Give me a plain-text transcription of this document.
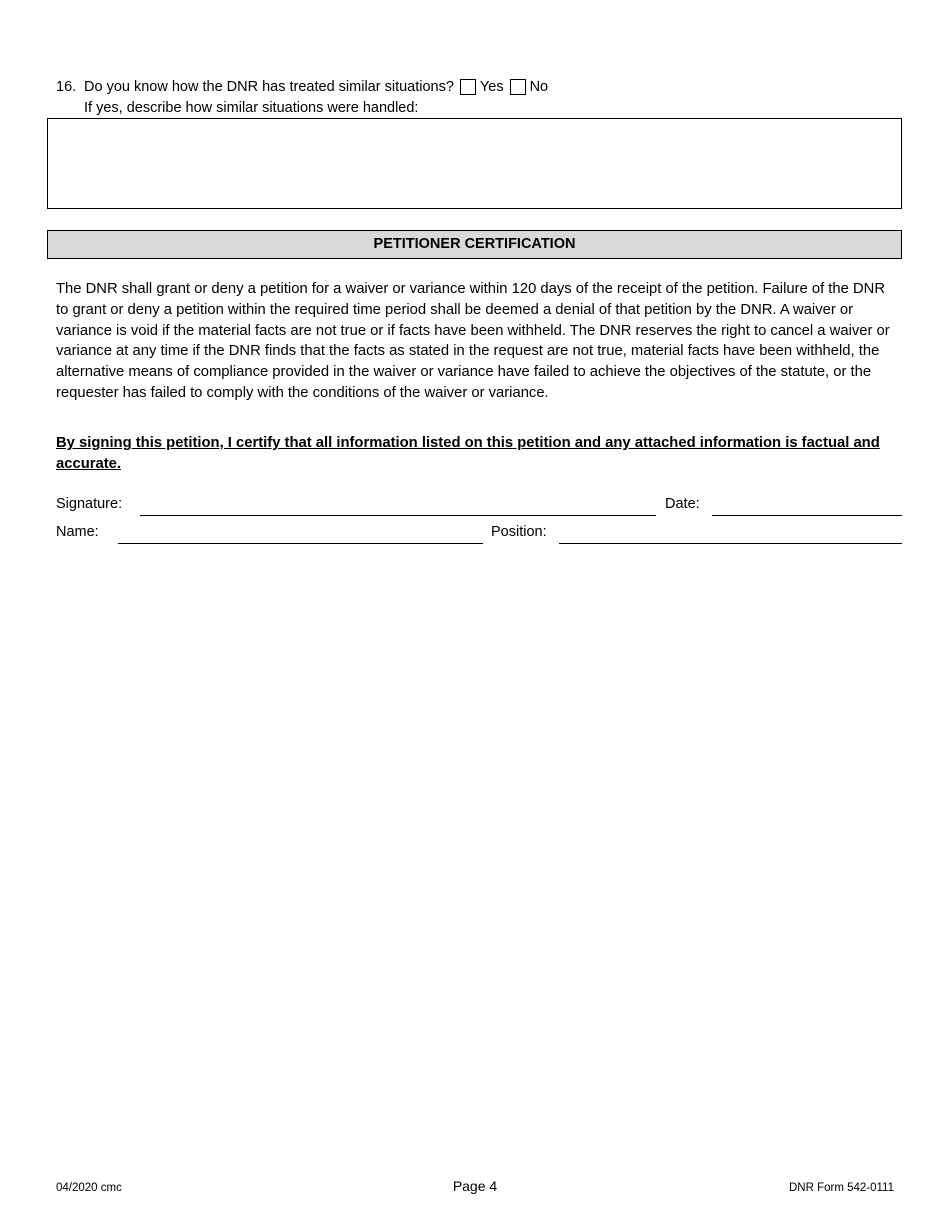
16. Do you know how the DNR has treated similar situations? Yes No
If yes, describe how similar situations were handled:
PETITIONER CERTIFICATION

The DNR shall grant or deny a petition for a waiver or variance within 120 days of the receipt of the petition. Failure of the DNR to grant or deny a petition within the required time period shall be deemed a denial of that petition by the DNR. A waiver or variance is void if the material facts are not true or if facts have been withheld. The DNR reserves the right to cancel a waiver or variance at any time if the DNR finds that the facts as stated in the request are not true, material facts have been withheld, the alternative means of compliance provided in the waiver or variance have failed to achieve the objectives of the statute, or the requester has failed to comply with the conditions of the waiver or variance.

By signing this petition, I certify that all information listed on this petition and any attached information is factual and accurate.

Signature:	Date:
Name:	Position:
04/2020 cmc	Page 4	DNR Form 542-0111
